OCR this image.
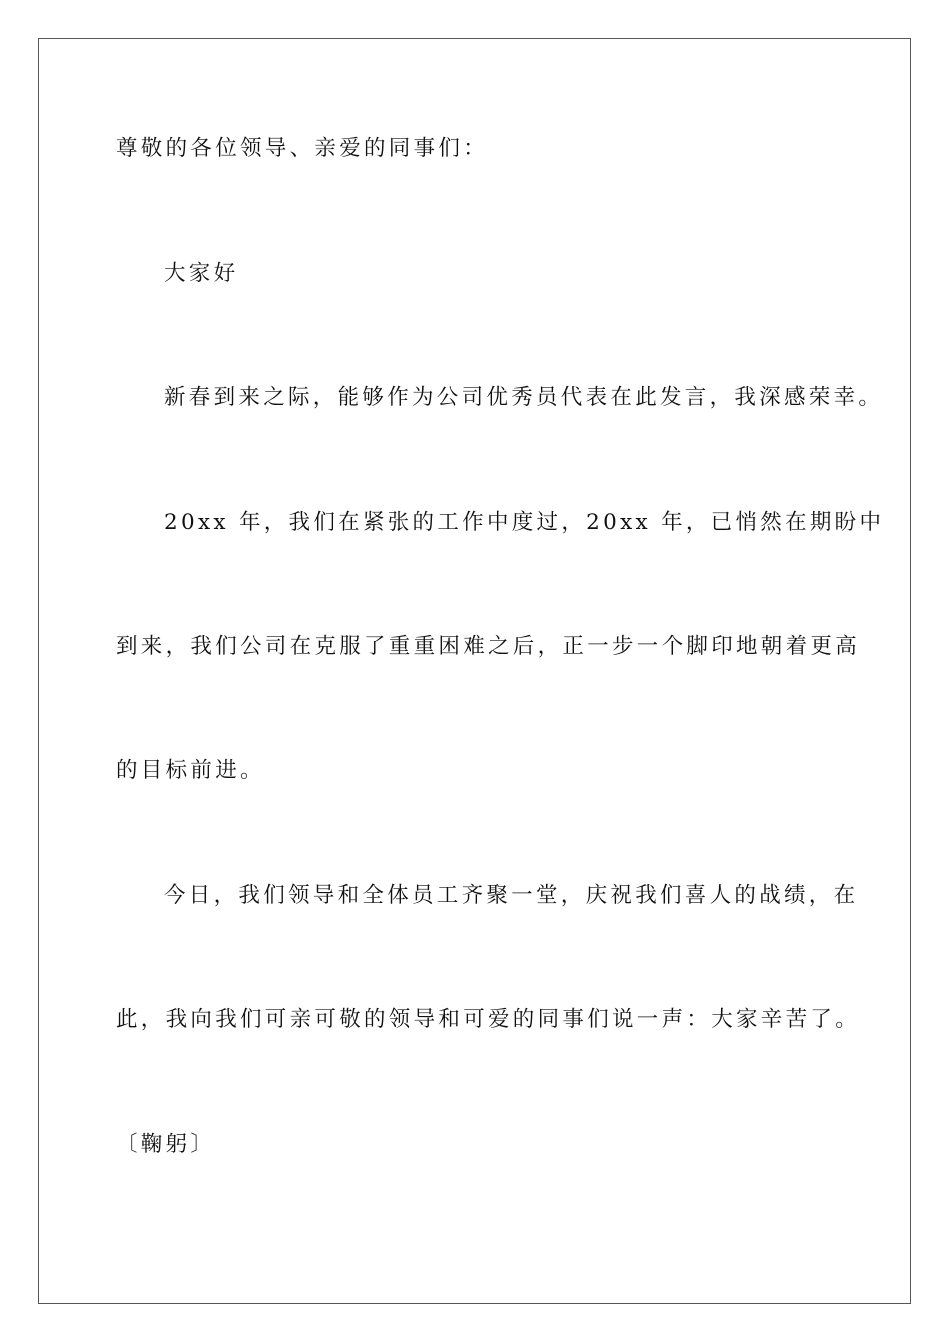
尊敬的各位领导、亲爱的同事们：

大家好

新春到来之际，能够作为公司优秀员代表在此发言，我深感荣幸。

20xx 年，我们在紧张的工作中度过，20xx 年，已悄然在期盼中

到来，我们公司在克服了重重困难之后，正一步一个脚印地朝着更高

的目标前进。

今日，我们领导和全体员工齐聚一堂，庆祝我们喜人的战绩，在

此，我向我们可亲可敬的领导和可爱的同事们说一声：大家辛苦了。

〔鞠躬〕
